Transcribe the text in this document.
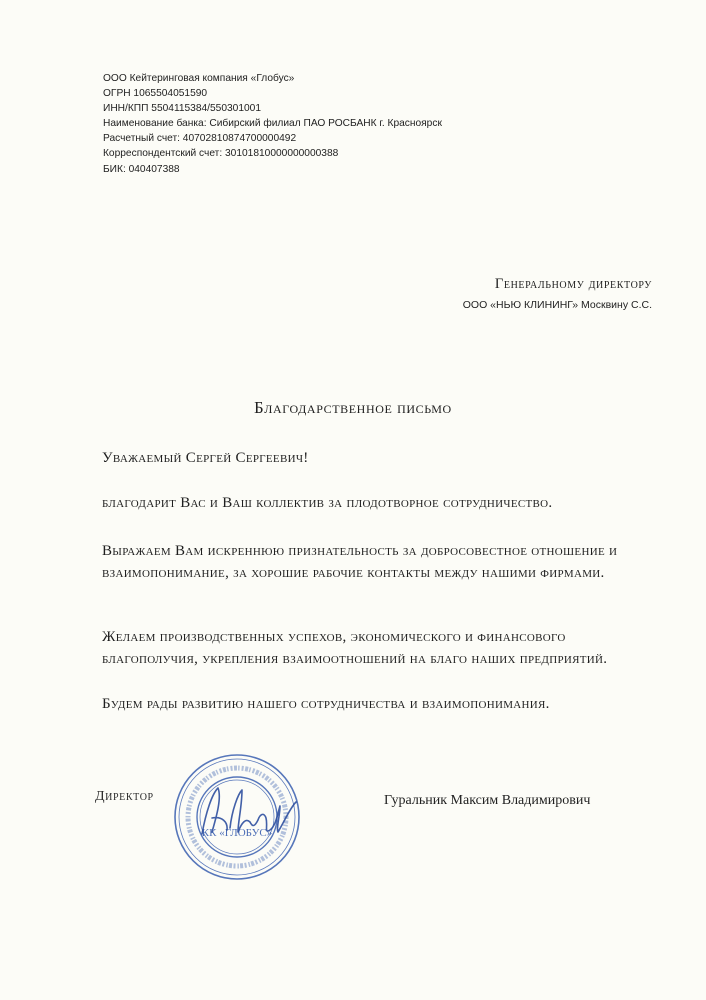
ООО Кейтеринговая компания «Глобус»
ОГРН 1065504051590
ИНН/КПП 5504115384/550301001
Наименование банка: Сибирский филиал ПАО РОСБАНК г. Красноярск
Расчетный счет: 40702810874700000492
Корреспондентский счет: 30101810000000000388
БИК: 040407388
Генеральному директору
ООО «НЬЮ КЛИНИНГ» Москвину С.С.
Благодарственное письмо
Уважаемый Сергей Сергеевич!
благодарит Вас и Ваш коллектив за плодотворное сотрудничество.
Выражаем Вам искреннюю признательность за добросовестное отношение и взаимопонимание, за хорошие рабочие контакты между нашими фирмами.
Желаем производственных успехов, экономического и финансового благополучия, укрепления взаимоотношений на благо наших предприятий.
Будем рады развитию нашего сотрудничества и взаимопонимания.
Директор
КК «ГЛОБУС»
Гуральник Максим Владимирович
